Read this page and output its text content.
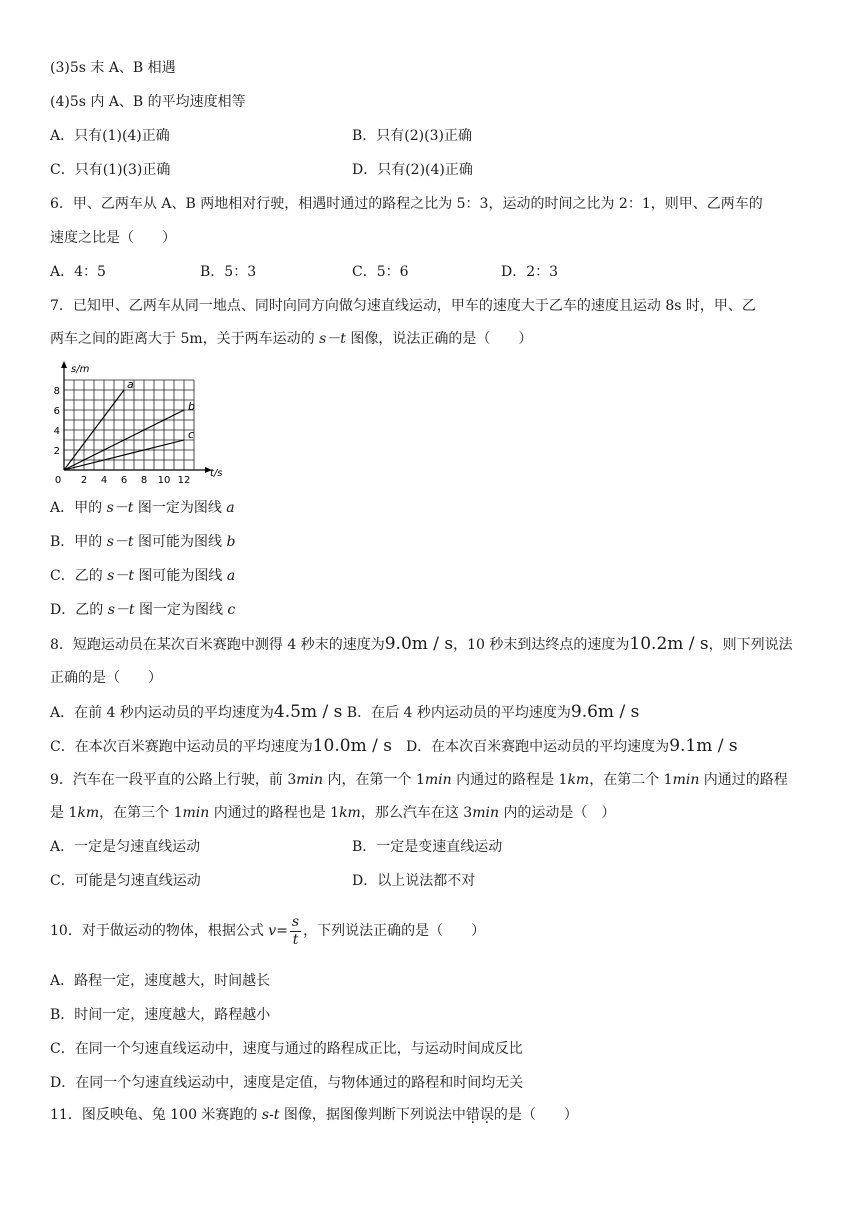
(3)5s 末 A、B 相遇
(4)5s 内 A、B 的平均速度相等
A．只有(1)(4)正确	B．只有(2)(3)正确
C．只有(1)(3)正确	D．只有(2)(4)正确
6．甲、乙两车从 A、B 两地相对行驶，相遇时通过的路程之比为 5：3，运动的时间之比为 2：1，则甲、乙两车的
速度之比是（　　）
A．4：5	B．5：3	C．5：6	D．2：3
7．已知甲、乙两车从同一地点、同时向同方向做匀速直线运动，甲车的速度大于乙车的速度且运动 8s 时，甲、乙
两车之间的距离大于 5m，关于两车运动的 s－t 图像，说法正确的是（　　）
0 2 4 6 8 10 12
2
4
6
8
a
b
c
s/m
t/s
A．甲的 s－t 图一定为图线 a
B．甲的 s－t 图可能为图线 b
C．乙的 s－t 图可能为图线 a
D．乙的 s－t 图一定为图线 c
8．短跑运动员在某次百米赛跑中测得 4 秒末的速度为9.0m / s，10 秒末到达终点的速度为10.2m / s，则下列说法
正确的是（　　）
A．在前 4 秒内运动员的平均速度为4.5m / s B．在后 4 秒内运动员的平均速度为9.6m / s
C．在本次百米赛跑中运动员的平均速度为10.0m / s　D．在本次百米赛跑中运动员的平均速度为9.1m / s
9．汽车在一段平直的公路上行驶，前 3min 内，在第一个 1min 内通过的路程是 1km，在第二个 1min 内通过的路程
是 1km，在第三个 1min 内通过的路程也是 1km，那么汽车在这 3min 内的运动是（　）
A．一定是匀速直线运动	B．一定是变速直线运动
C．可能是匀速直线运动	D．以上说法都不对
10．对于做运动的物体，根据公式 $v= \frac{s}{t}$ ，下列说法正确的是（　　）
A．路程一定，速度越大，时间越长
B．时间一定，速度越大，路程越小
C．在同一个匀速直线运动中，速度与通过的路程成正比，与运动时间成反比
D．在同一个匀速直线运动中，速度是定值，与物体通过的路程和时间均无关
11．图反映龟、兔 100 米赛跑的 s-t 图像，据图像判断下列说法中错误的是（　　）
